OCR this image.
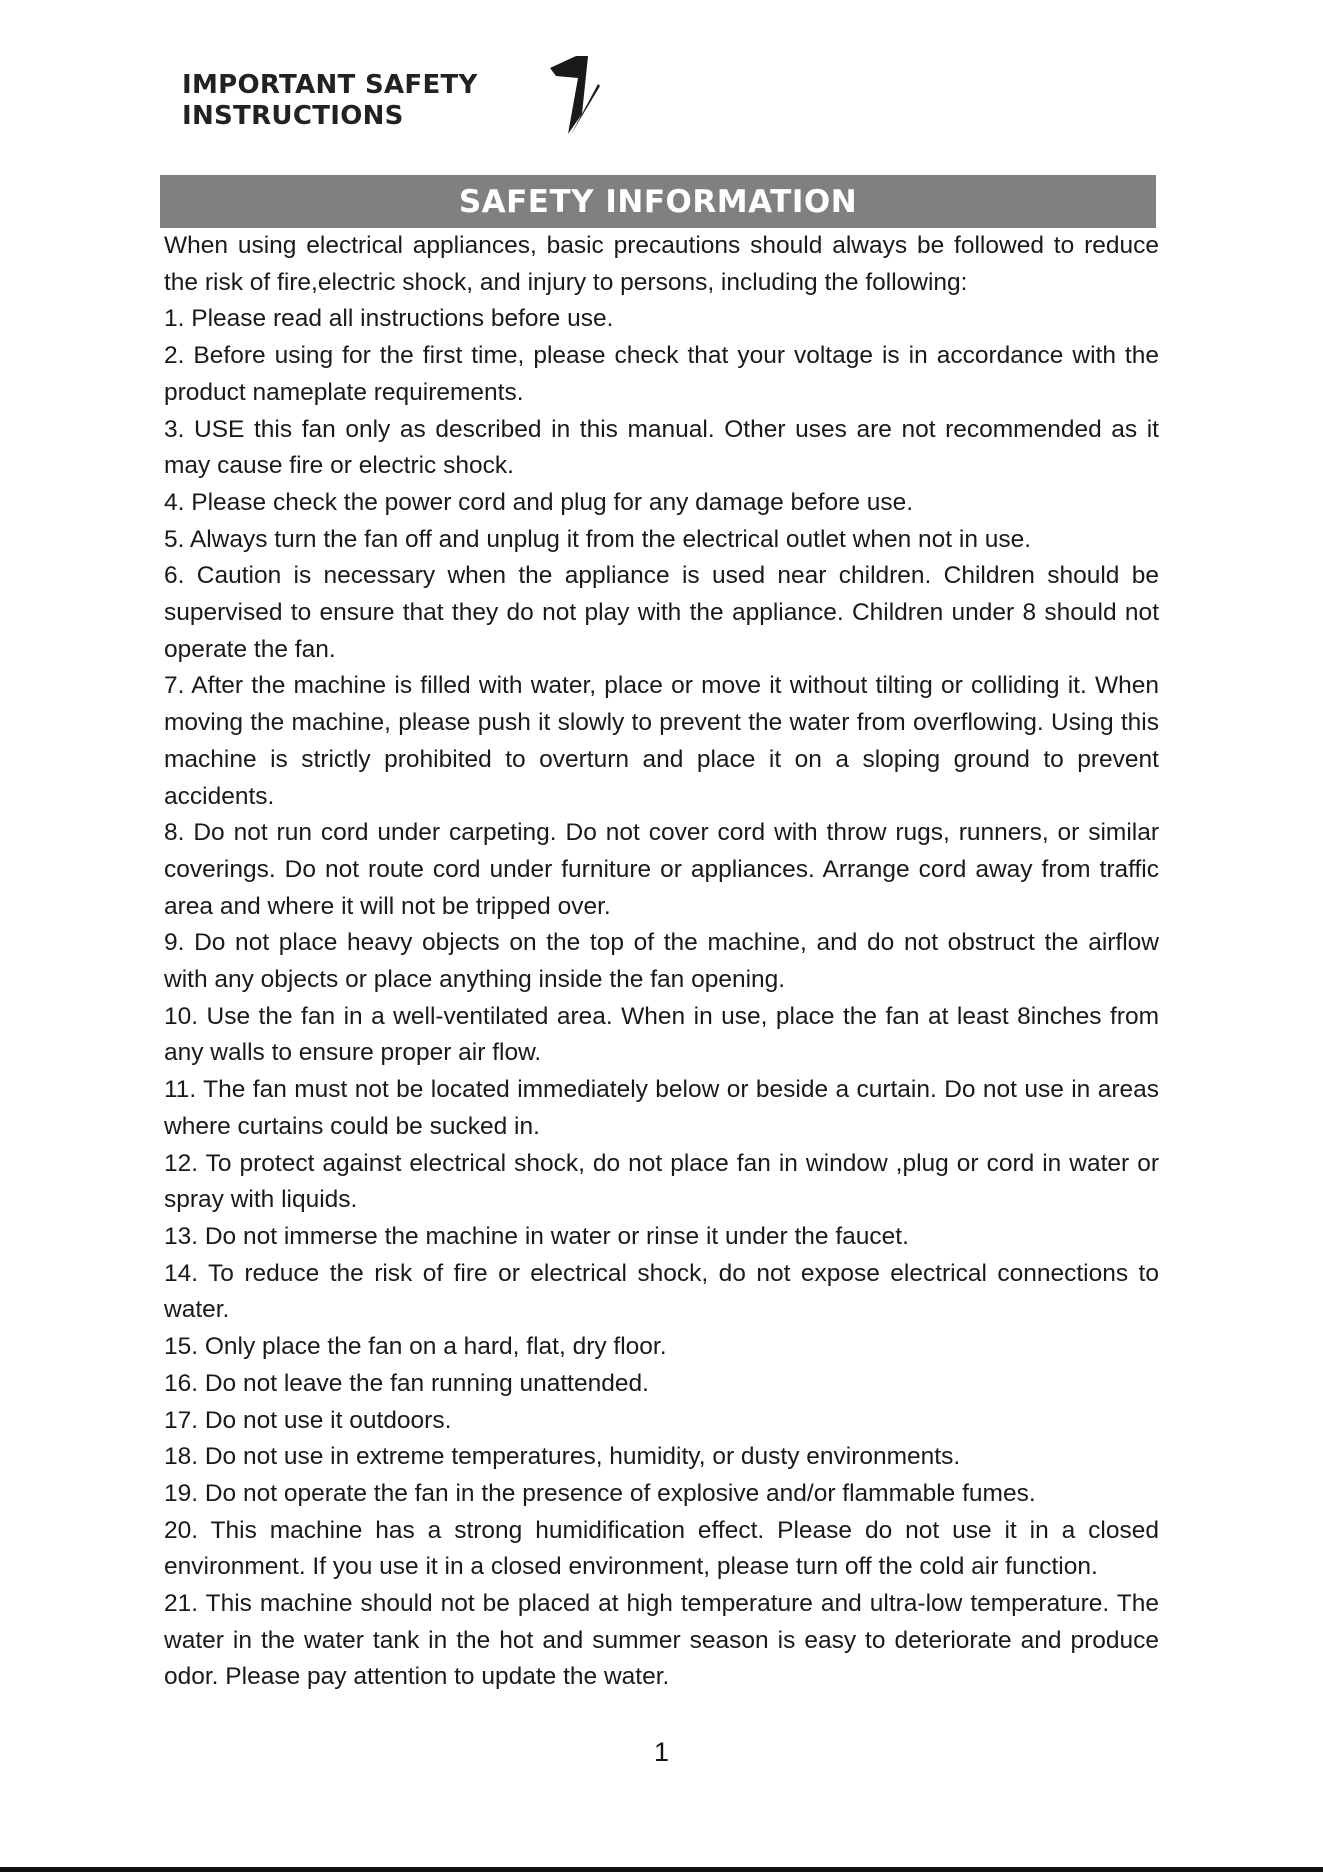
IMPORTANT SAFETY
INSTRUCTIONS
SAFETY INFORMATION

When using electrical appliances, basic precautions should always be followed to reduce the risk of fire,electric shock, and injury to persons, including the following:

1. Please read all instructions before use.

2. Before using for the first time, please check that your voltage is in accordance with the product nameplate requirements.

3. USE this fan only as described in this manual. Other uses are not recommended as it may cause fire or electric shock.

4. Please check the power cord and plug for any damage before use.

5. Always turn the fan off and unplug it from the electrical outlet when not in use.

6. Caution is necessary when the appliance is used near children. Children should be supervised to ensure that they do not play with the appliance. Children under 8 should not operate the fan.

7. After the machine is filled with water, place or move it without tilting or colliding it. When moving the machine, please push it slowly to prevent the water from overflowing. Using this machine is strictly prohibited to overturn and place it on a sloping ground to prevent accidents.

8. Do not run cord under carpeting. Do not cover cord with throw rugs, runners, or similar coverings. Do not route cord under furniture or appliances. Arrange cord away from traffic area and where it will not be tripped over.

9. Do not place heavy objects on the top of the machine, and do not obstruct the airflow with any objects or place anything inside the fan opening.

10. Use the fan in a well-ventilated area. When in use, place the fan at least 8inches from any walls to ensure proper air flow.

11. The fan must not be located immediately below or beside a curtain. Do not use in areas where curtains could be sucked in.

12. To protect against electrical shock, do not place fan in window ,plug or cord in water or spray with liquids.

13. Do not immerse the machine in water or rinse it under the faucet.

14. To reduce the risk of fire or electrical shock, do not expose electrical connections to water.

15. Only place the fan on a hard, flat, dry floor.

16. Do not leave the fan running unattended.

17. Do not use it outdoors.

18. Do not use in extreme temperatures, humidity, or dusty environments.

19. Do not operate the fan in the presence of explosive and/or flammable fumes.

20. This machine has a strong humidification effect. Please do not use it in a closed environment. If you use it in a closed environment, please turn off the cold air function.

21. This machine should not be placed at high temperature and ultra-low temperature. The water in the water tank in the hot and summer season is easy to deteriorate and produce odor. Please pay attention to update the water.

1
